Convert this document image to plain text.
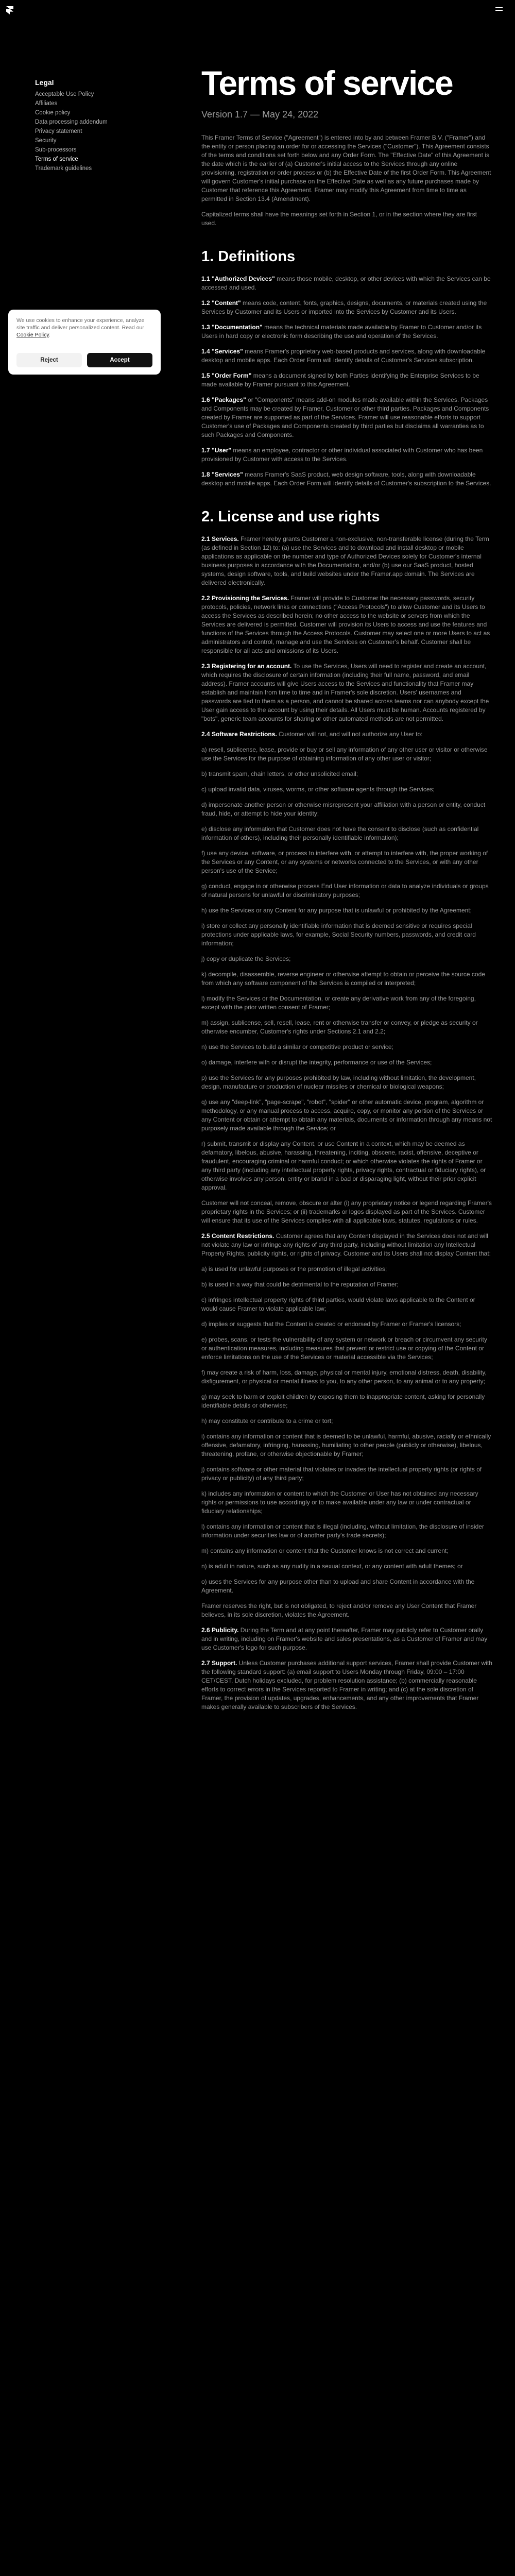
Legal
Acceptable Use Policy
Affiliates
Cookie policy
Data processing addendum
Privacy statement
Security
Sub-processors
Terms of service
Trademark guidelines
Terms of service
Version 1.7 — May 24, 2022

This Framer Terms of Service ("Agreement") is entered into by and between Framer B.V. ("Framer") and the entity or person placing an order for or accessing the Services ("Customer"). This Agreement consists of the terms and conditions set forth below and any Order Form. The "Effective Date" of this Agreement is the date which is the earlier of (a) Customer's initial access to the Services through any online provisioning, registration or order process or (b) the Effective Date of the first Order Form. This Agreement will govern Customer's initial purchase on the Effective Date as well as any future purchases made by Customer that reference this Agreement. Framer may modify this Agreement from time to time as permitted in Section 13.4 (Amendment).

Capitalized terms shall have the meanings set forth in Section 1, or in the section where they are first used.

1. Definitions

1.1 "Authorized Devices" means those mobile, desktop, or other devices with which the Services can be accessed and used.

1.2 "Content" means code, content, fonts, graphics, designs, documents, or materials created using the Services by Customer and its Users or imported into the Services by Customer and its Users.

1.3 "Documentation" means the technical materials made available by Framer to Customer and/or its Users in hard copy or electronic form describing the use and operation of the Services.

1.4 "Services" means Framer's proprietary web-based products and services, along with downloadable desktop and mobile apps. Each Order Form will identify details of Customer's Services subscription.

1.5 "Order Form" means a document signed by both Parties identifying the Enterprise Services to be made available by Framer pursuant to this Agreement.

1.6 "Packages" or "Components" means add-on modules made available within the Services. Packages and Components may be created by Framer, Customer or other third parties. Packages and Components created by Framer are supported as part of the Services. Framer will use reasonable efforts to support Customer's use of Packages and Components created by third parties but disclaims all warranties as to such Packages and Components.

1.7 "User" means an employee, contractor or other individual associated with Customer who has been provisioned by Customer with access to the Services.

1.8 "Services" means Framer's SaaS product, web design software, tools, along with downloadable desktop and mobile apps. Each Order Form will identify details of Customer's subscription to the Services.

2. License and use rights

2.1 Services. Framer hereby grants Customer a non-exclusive, non-transferable license (during the Term (as defined in Section 12) to: (a) use the Services and to download and install desktop or mobile applications as applicable on the number and type of Authorized Devices solely for Customer's internal business purposes in accordance with the Documentation, and/or (b) use our SaaS product, hosted systems, design software, tools, and build websites under the Framer.app domain. The Services are delivered electronically.

2.2 Provisioning the Services. Framer will provide to Customer the necessary passwords, security protocols, policies, network links or connections ("Access Protocols") to allow Customer and its Users to access the Services as described herein; no other access to the website or servers from which the Services are delivered is permitted. Customer will provision its Users to access and use the features and functions of the Services through the Access Protocols. Customer may select one or more Users to act as administrators and control, manage and use the Services on Customer's behalf. Customer shall be responsible for all acts and omissions of its Users.

2.3 Registering for an account. To use the Services, Users will need to register and create an account, which requires the disclosure of certain information (including their full name, password, and email address). Framer accounts will give Users access to the Services and functionality that Framer may establish and maintain from time to time and in Framer's sole discretion. Users' usernames and passwords are tied to them as a person, and cannot be shared across teams nor can anybody except the User gain access to the account by using their details. All Users must be human. Accounts registered by "bots", generic team accounts for sharing or other automated methods are not permitted.

2.4 Software Restrictions. Customer will not, and will not authorize any User to:

a) resell, sublicense, lease, provide or buy or sell any information of any other user or visitor or otherwise use the Services for the purpose of obtaining information of any other user or visitor;

b) transmit spam, chain letters, or other unsolicited email;

c) upload invalid data, viruses, worms, or other software agents through the Services;

d) impersonate another person or otherwise misrepresent your affiliation with a person or entity, conduct fraud, hide, or attempt to hide your identity;

e) disclose any information that Customer does not have the consent to disclose (such as confidential information of others), including their personally identifiable information);

f) use any device, software, or process to interfere with, or attempt to interfere with, the proper working of the Services or any Content, or any systems or networks connected to the Services, or with any other person's use of the Service;

g) conduct, engage in or otherwise process End User information or data to analyze individuals or groups of natural persons for unlawful or discriminatory purposes;

h) use the Services or any Content for any purpose that is unlawful or prohibited by the Agreement;

i) store or collect any personally identifiable information that is deemed sensitive or requires special protections under applicable laws, for example, Social Security numbers, passwords, and credit card information;

j) copy or duplicate the Services;

k) decompile, disassemble, reverse engineer or otherwise attempt to obtain or perceive the source code from which any software component of the Services is compiled or interpreted;

l) modify the Services or the Documentation, or create any derivative work from any of the foregoing, except with the prior written consent of Framer;

m) assign, sublicense, sell, resell, lease, rent or otherwise transfer or convey, or pledge as security or otherwise encumber, Customer's rights under Sections 2.1 and 2.2;

n) use the Services to build a similar or competitive product or service;

o) damage, interfere with or disrupt the integrity, performance or use of the Services;

p) use the Services for any purposes prohibited by law, including without limitation, the development, design, manufacture or production of nuclear missiles or chemical or biological weapons;

q) use any "deep-link", "page-scrape", "robot", "spider" or other automatic device, program, algorithm or methodology, or any manual process to access, acquire, copy, or monitor any portion of the Services or any Content or obtain or attempt to obtain any materials, documents or information through any means not purposely made available through the Service; or

r) submit, transmit or display any Content, or use Content in a context, which may be deemed as defamatory, libelous, abusive, harassing, threatening, inciting, obscene, racist, offensive, deceptive or fraudulent, encouraging criminal or harmful conduct; or which otherwise violates the rights of Framer or any third party (including any intellectual property rights, privacy rights, contractual or fiduciary rights), or otherwise involves any person, entity or brand in a bad or disparaging light, without their prior explicit approval.

Customer will not conceal, remove, obscure or alter (i) any proprietary notice or legend regarding Framer's proprietary rights in the Services; or (ii) trademarks or logos displayed as part of the Services. Customer will ensure that its use of the Services complies with all applicable laws, statutes, regulations or rules.

2.5 Content Restrictions. Customer agrees that any Content displayed in the Services does not and will not violate any law or infringe any rights of any third party, including without limitation any Intellectual Property Rights, publicity rights, or rights of privacy. Customer and its Users shall not display Content that:

a) is used for unlawful purposes or the promotion of illegal activities;

b) is used in a way that could be detrimental to the reputation of Framer;

c) infringes intellectual property rights of third parties, would violate laws applicable to the Content or would cause Framer to violate applicable law;

d) implies or suggests that the Content is created or endorsed by Framer or Framer's licensors;

e) probes, scans, or tests the vulnerability of any system or network or breach or circumvent any security or authentication measures, including measures that prevent or restrict use or copying of the Content or enforce limitations on the use of the Services or material accessible via the Services;

f) may create a risk of harm, loss, damage, physical or mental injury, emotional distress, death, disability, disfigurement, or physical or mental illness to you, to any other person, to any animal or to any property;

g) may seek to harm or exploit children by exposing them to inappropriate content, asking for personally identifiable details or otherwise;

h) may constitute or contribute to a crime or tort;

i) contains any information or content that is deemed to be unlawful, harmful, abusive, racially or ethnically offensive, defamatory, infringing, harassing, humiliating to other people (publicly or otherwise), libelous, threatening, profane, or otherwise objectionable by Framer;

j) contains software or other material that violates or invades the intellectual property rights (or rights of privacy or publicity) of any third party;

k) includes any information or content to which the Customer or User has not obtained any necessary rights or permissions to use accordingly or to make available under any law or under contractual or fiduciary relationships;

l) contains any information or content that is illegal (including, without limitation, the disclosure of insider information under securities law or of another party's trade secrets);

m) contains any information or content that the Customer knows is not correct and current;

n) is adult in nature, such as any nudity in a sexual context, or any content with adult themes; or

o) uses the Services for any purpose other than to upload and share Content in accordance with the Agreement.

Framer reserves the right, but is not obligated, to reject and/or remove any User Content that Framer believes, in its sole discretion, violates the Agreement.

2.6 Publicity. During the Term and at any point thereafter, Framer may publicly refer to Customer orally and in writing, including on Framer's website and sales presentations, as a Customer of Framer and may use Customer's logo for such purpose.

2.7 Support. Unless Customer purchases additional support services, Framer shall provide Customer with the following standard support: (a) email support to Users Monday through Friday, 09:00 – 17:00 CET/CEST, Dutch holidays excluded, for problem resolution assistance; (b) commercially reasonable efforts to correct errors in the Services reported to Framer in writing; and (c) at the sole discretion of Framer, the provision of updates, upgrades, enhancements, and any other improvements that Framer makes generally available to subscribers of the Services.

We use cookies to enhance your experience, analyze site traffic and deliver personalized content. Read our Cookie Policy.

Reject	Accept
